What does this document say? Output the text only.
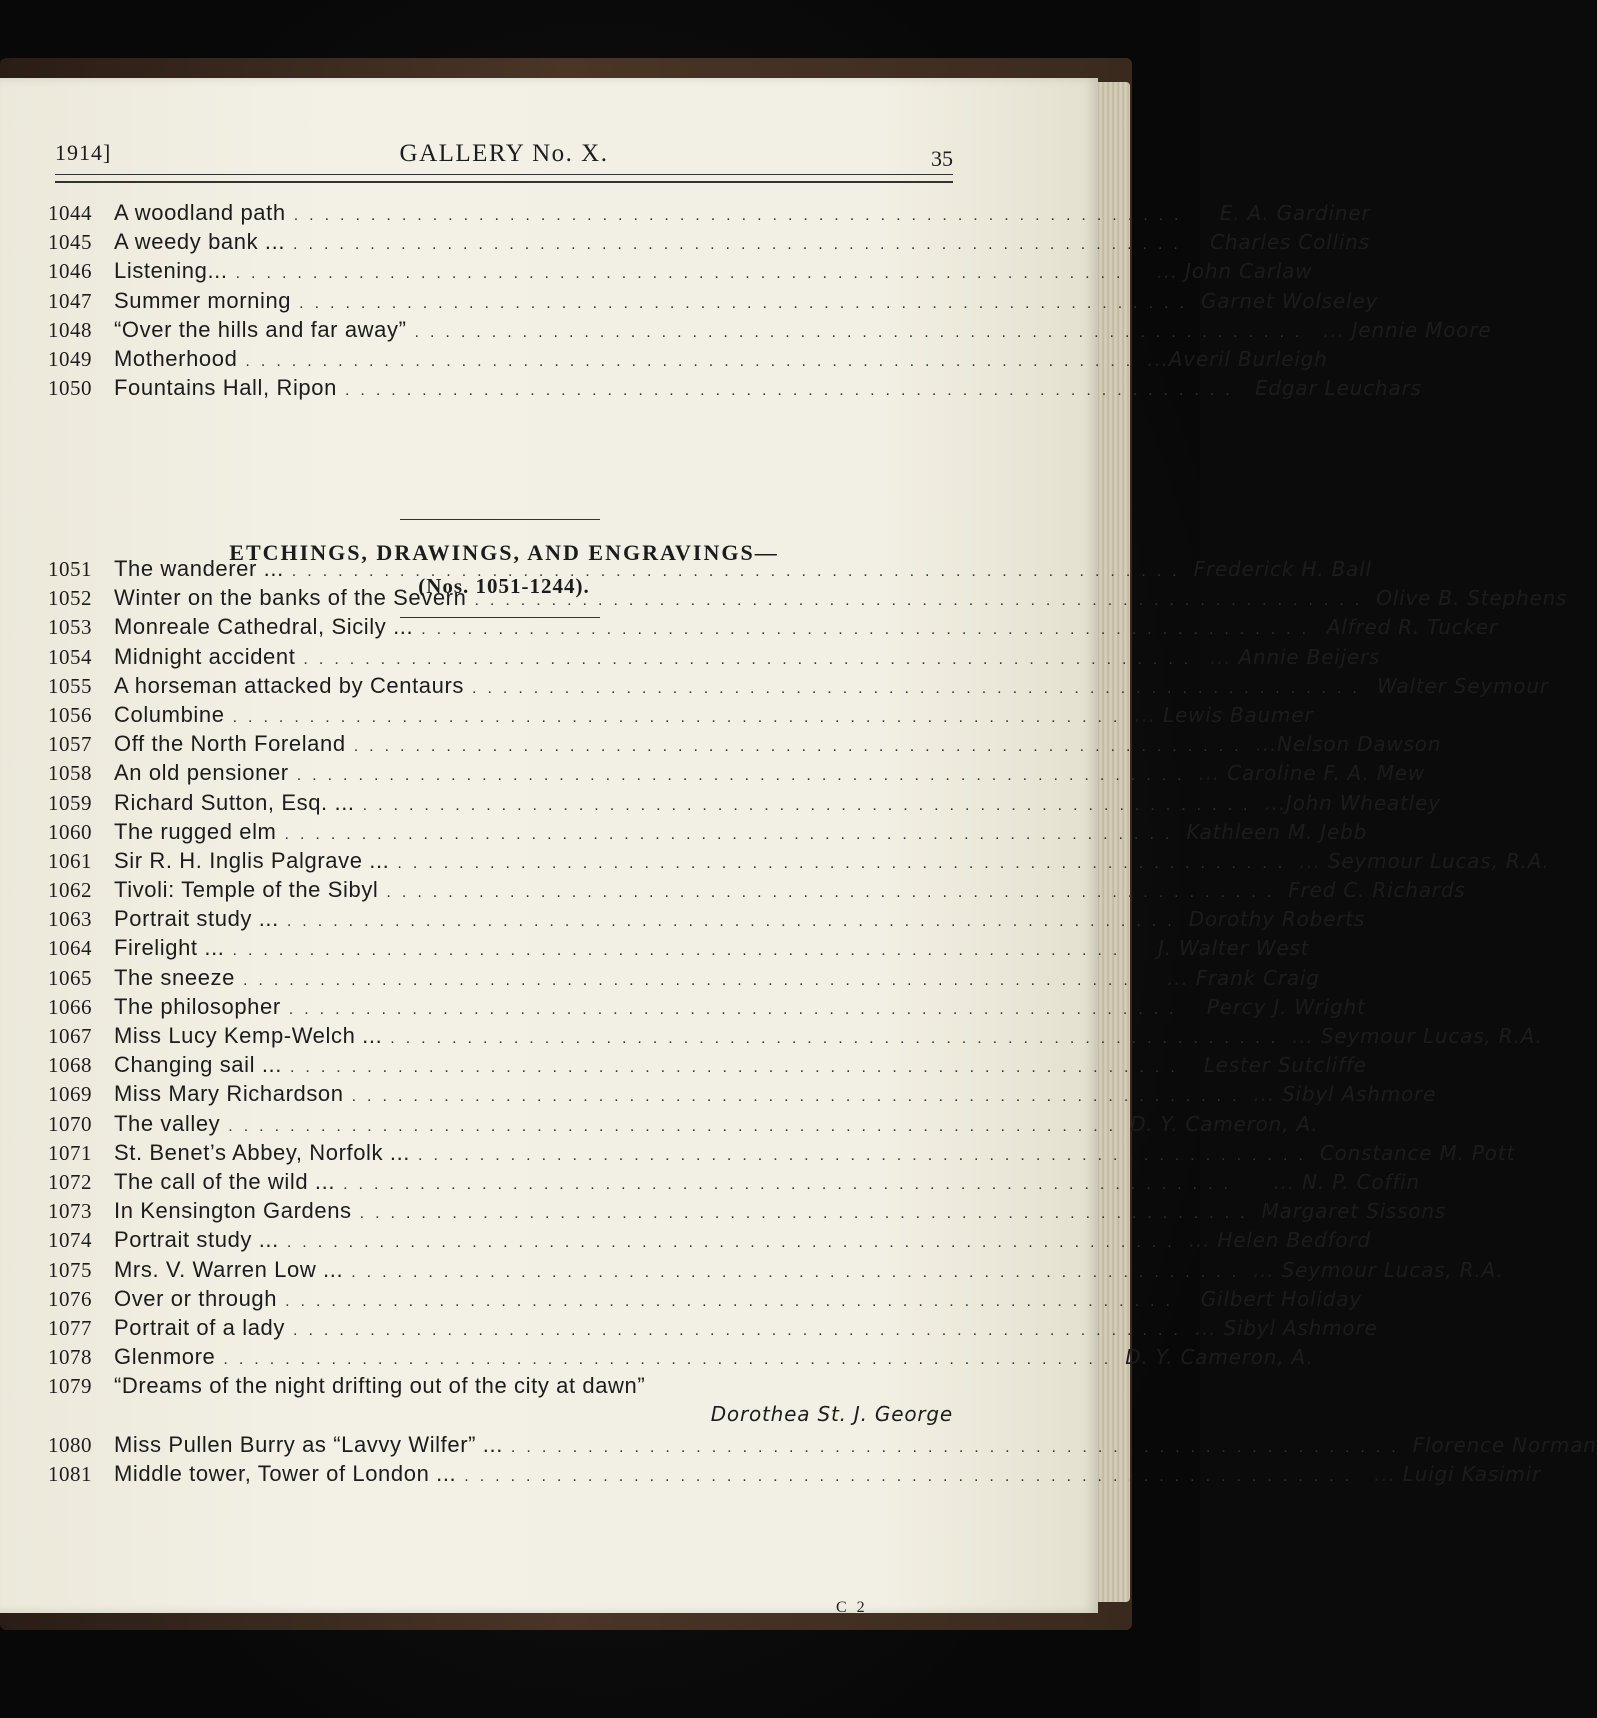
1914]	GALLERY No. X.	35
1044	A woodland path ..........................................................	E. A. Gardiner
1045	A weedy bank ... ..........................................................	Charles Collins
1046	Listening... ..........................................................	... John Carlaw
1047	Summer morning .......................................................... Garnet Wolseley
1048	“Over the hills and far away” .......................................................... ... Jennie Moore
1049	Motherhood .......................................................... ...Averil Burleigh
1050	Fountains Hall, Ripon .......................................................... Edgar Leuchars
ETCHINGS, DRAWINGS, AND ENGRAVINGS—
(Nos. 1051-1244).
1051	The wanderer ... .......................................................... Frederick H. Ball
1052	Winter on the banks of the Severn .......................................................... Olive B. Stephens
1053	Monreale Cathedral, Sicily ... .......................................................... Alfred R. Tucker
1054	Midnight accident .......................................................... ... Annie Beijers
1055	A horseman attacked by Centaurs .......................................................... Walter Seymour
1056	Columbine .......................................................... ... Lewis Baumer
1057	Off the North Foreland .......................................................... ...Nelson Dawson
1058	An old pensioner .......................................................... ... Caroline F. A. Mew
1059	Richard Sutton, Esq. ... .......................................................... ...John Wheatley
1060	The rugged elm .......................................................... Kathleen M. Jebb
1061	Sir R. H. Inglis Palgrave ... .......................................................... ... Seymour Lucas, R.A.
1062	Tivoli: Temple of the Sibyl .......................................................... Fred C. Richards
1063	Portrait study ... .......................................................... Dorothy Roberts
1064	Firelight ... ..........................................................	J. Walter West
1065	The sneeze ..........................................................	... Frank Craig
1066	The philosopher ..........................................................	Percy J. Wright
1067	Miss Lucy Kemp-Welch ... .......................................................... ... Seymour Lucas, R.A.
1068	Changing sail ... .......................................................... Lester Sutcliffe
1069	Miss Mary Richardson .......................................................... ... Sibyl Ashmore
1070	The valley .......................................................... D. Y. Cameron, A.
1071	St. Benet’s Abbey, Norfolk ... .......................................................... Constance M. Pott
1072	The call of the wild ... ..........................................................	... N. P. Coffin
1073	In Kensington Gardens .......................................................... Margaret Sissons
1074	Portrait study ... .......................................................... ... Helen Bedford
1075	Mrs. V. Warren Low ... .......................................................... ... Seymour Lucas, R.A.
1076	Over or through .......................................................... Gilbert Holiday
1077	Portrait of a lady .......................................................... ... Sibyl Ashmore
1078	Glenmore .......................................................... D. Y. Cameron, A.
1079	“Dreams of the night drifting out of the city at dawn”
Dorothea St. J. George
1080	Miss Pullen Burry as “Lavvy Wilfer” ... .......................................................... Florence Norman
1081	Middle tower, Tower of London ... .......................................................... ... Luigi Kasimir
C 2
